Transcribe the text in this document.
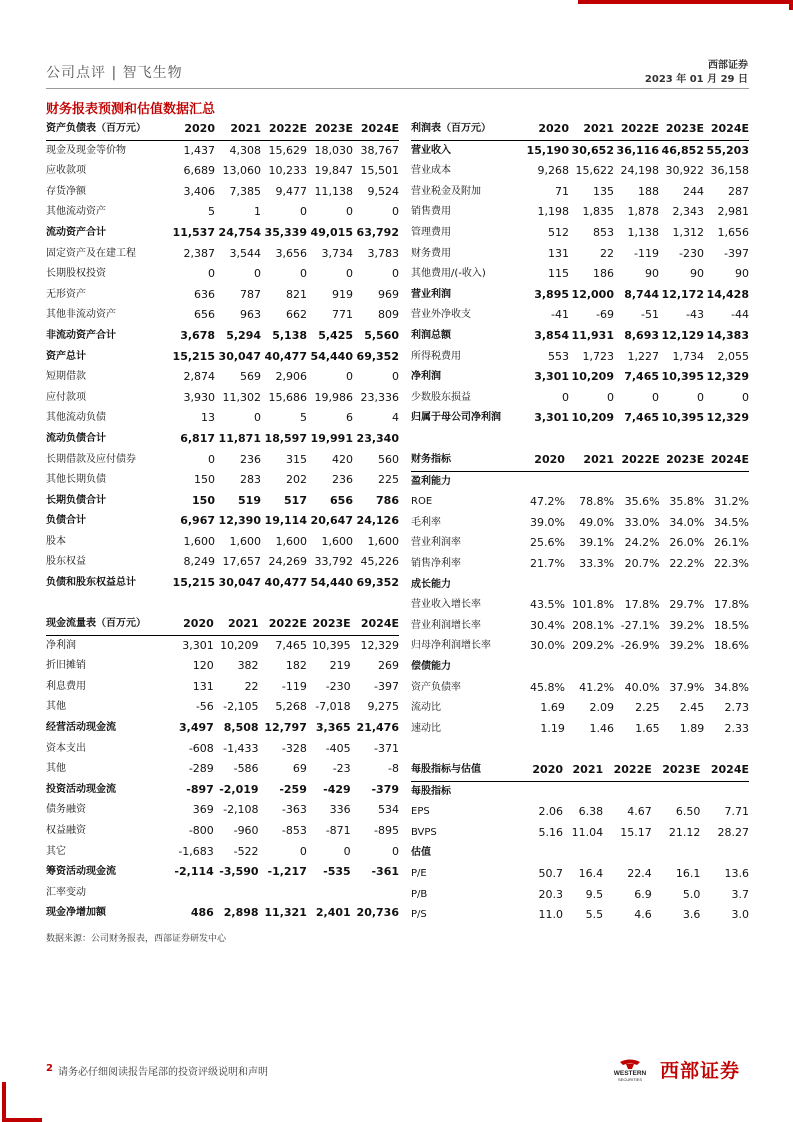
公司点评 | 智飞生物	西部证券
2023 年 01 月 29 日
财务报表预测和估值数据汇总
资产负债表（百万元）	2020	2021	2022E	2023E	2024E
现金及现金等价物	1,437	4,308	15,629	18,030	38,767
应收款项	6,689	13,060	10,233	19,847	15,501
存货净额	3,406	7,385	9,477	11,138	9,524
其他流动资产	5	1	0	0	0
流动资产合计	11,537	24,754	35,339	49,015	63,792
固定资产及在建工程	2,387	3,544	3,656	3,734	3,783
长期股权投资	0	0	0	0	0
无形资产	636	787	821	919	969
其他非流动资产	656	963	662	771	809
非流动资产合计	3,678	5,294	5,138	5,425	5,560
资产总计	15,215	30,047	40,477	54,440	69,352
短期借款	2,874	569	2,906	0	0
应付款项	3,930	11,302	15,686	19,986	23,336
其他流动负债	13	0	5	6	4
流动负债合计	6,817	11,871	18,597	19,991	23,340
长期借款及应付债券	0	236	315	420	560
其他长期负债	150	283	202	236	225
长期负债合计	150	519	517	656	786
负债合计	6,967	12,390	19,114	20,647	24,126
股本	1,600	1,600	1,600	1,600	1,600
股东权益	8,249	17,657	24,269	33,792	45,226
负债和股东权益总计	15,215	30,047	40,477	54,440	69,352
现金流量表（百万元）	2020	2021	2022E	2023E	2024E
净利润	3,301	10,209	7,465	10,395	12,329
折旧摊销	120	382	182	219	269
利息费用	131	22	-119	-230	-397
其他	-56	-2,105	5,268	-7,018	9,275
经营活动现金流	3,497	8,508	12,797	3,365	21,476
资本支出	-608	-1,433	-328	-405	-371
其他	-289	-586	69	-23	-8
投资活动现金流	-897	-2,019	-259	-429	-379
债务融资	369	-2,108	-363	336	534
权益融资	-800	-960	-853	-871	-895
其它	-1,683	-522	0	0	0
筹资活动现金流	-2,114	-3,590	-1,217	-535	-361
汇率变动					
现金净增加额	486	2,898	11,321	2,401	20,736
利润表（百万元）	2020	2021	2022E	2023E	2024E
营业收入	15,190	30,652	36,116	46,852	55,203
营业成本	9,268	15,622	24,198	30,922	36,158
营业税金及附加	71	135	188	244	287
销售费用	1,198	1,835	1,878	2,343	2,981
管理费用	512	853	1,138	1,312	1,656
财务费用	131	22	-119	-230	-397
其他费用/(-收入)	115	186	90	90	90
营业利润	3,895	12,000	8,744	12,172	14,428
营业外净收支	-41	-69	-51	-43	-44
利润总额	3,854	11,931	8,693	12,129	14,383
所得税费用	553	1,723	1,227	1,734	2,055
净利润	3,301	10,209	7,465	10,395	12,329
少数股东损益	0	0	0	0	0
归属于母公司净利润	3,301	10,209	7,465	10,395	12,329
财务指标	2020	2021	2022E	2023E	2024E
盈利能力					
ROE	47.2%	78.8%	35.6%	35.8%	31.2%
毛利率	39.0%	49.0%	33.0%	34.0%	34.5%
营业利润率	25.6%	39.1%	24.2%	26.0%	26.1%
销售净利率	21.7%	33.3%	20.7%	22.2%	22.3%
成长能力					
营业收入增长率	43.5%	101.8%	17.8%	29.7%	17.8%
营业利润增长率	30.4%	208.1%	-27.1%	39.2%	18.5%
归母净利润增长率	30.0%	209.2%	-26.9%	39.2%	18.6%
偿债能力					
资产负债率	45.8%	41.2%	40.0%	37.9%	34.8%
流动比	1.69	2.09	2.25	2.45	2.73
速动比	1.19	1.46	1.65	1.89	2.33
每股指标与估值	2020	2021	2022E	2023E	2024E
每股指标					
EPS	2.06	6.38	4.67	6.50	7.71
BVPS	5.16	11.04	15.17	21.12	28.27
估值					
P/E	50.7	16.4	22.4	16.1	13.6
P/B	20.3	9.5	6.9	5.0	3.7
P/S	11.0	5.5	4.6	3.6	3.0
数据来源：公司财务报表，西部证券研发中心
2 请务必仔细阅读报告尾部的投资评级说明和声明	WESTERN
SECURITIES 西部证券
